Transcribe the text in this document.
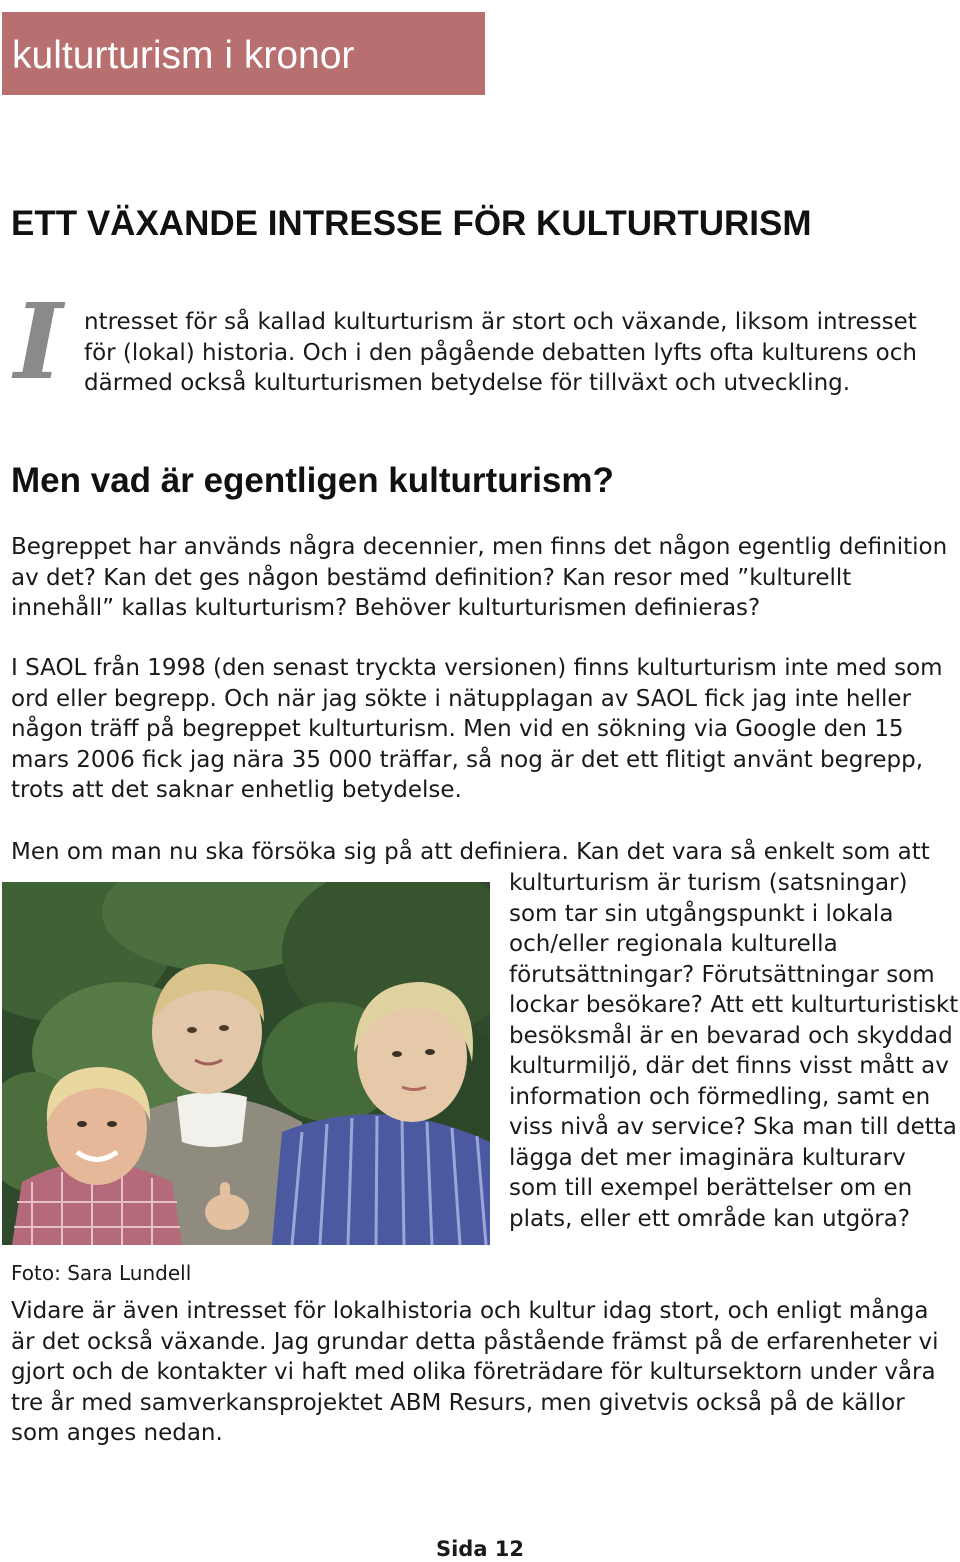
kulturturism i kronor
ETT VÄXANDE INTRESSE FÖR KULTURTURISM
I ntresset för så kallad kulturturism är stort och växande, liksom intresset för (lokal) historia. Och i den pågående debatten lyfts ofta kulturens och därmed också kulturturismen betydelse för tillväxt och utveckling.

Men vad är egentligen kulturturism?

Begreppet har används några decennier, men finns det någon egentlig definition av det? Kan det ges någon bestämd definition? Kan resor med ”kulturellt innehåll” kallas kulturturism? Behöver kulturturismen definieras?

I SAOL från 1998 (den senast tryckta versionen) finns kulturturism inte med som ord eller begrepp. Och när jag sökte i nätupplagan av SAOL fick jag inte heller någon träff på begreppet kulturturism. Men vid en sökning via Google den 15 mars 2006 fick jag nära 35 000 träffar, så nog är det ett flitigt använt begrepp, trots att det saknar enhetlig betydelse.

Men om man nu ska försöka sig på att definiera. Kan det vara så enkelt som att

kulturturism är turism (satsningar) som tar sin utgångspunkt i lokala och/eller regionala kulturella förutsättningar? Förutsättningar som lockar besökare? Att ett kulturturistiskt besöksmål är en bevarad och skyddad kulturmiljö, där det finns visst mått av information och förmedling, samt en viss nivå av service? Ska man till detta lägga det mer imaginära kulturarv som till exempel berättelser om en plats, eller ett område kan utgöra?

Foto: Sara Lundell

Vidare är även intresset för lokalhistoria och kultur idag stort, och enligt många är det också växande. Jag grundar detta påstående främst på de erfarenheter vi gjort och de kontakter vi haft med olika företrädare för kultursektorn under våra tre år med samverkansprojektet ABM Resurs, men givetvis också på de källor som anges nedan.

Sida 12
